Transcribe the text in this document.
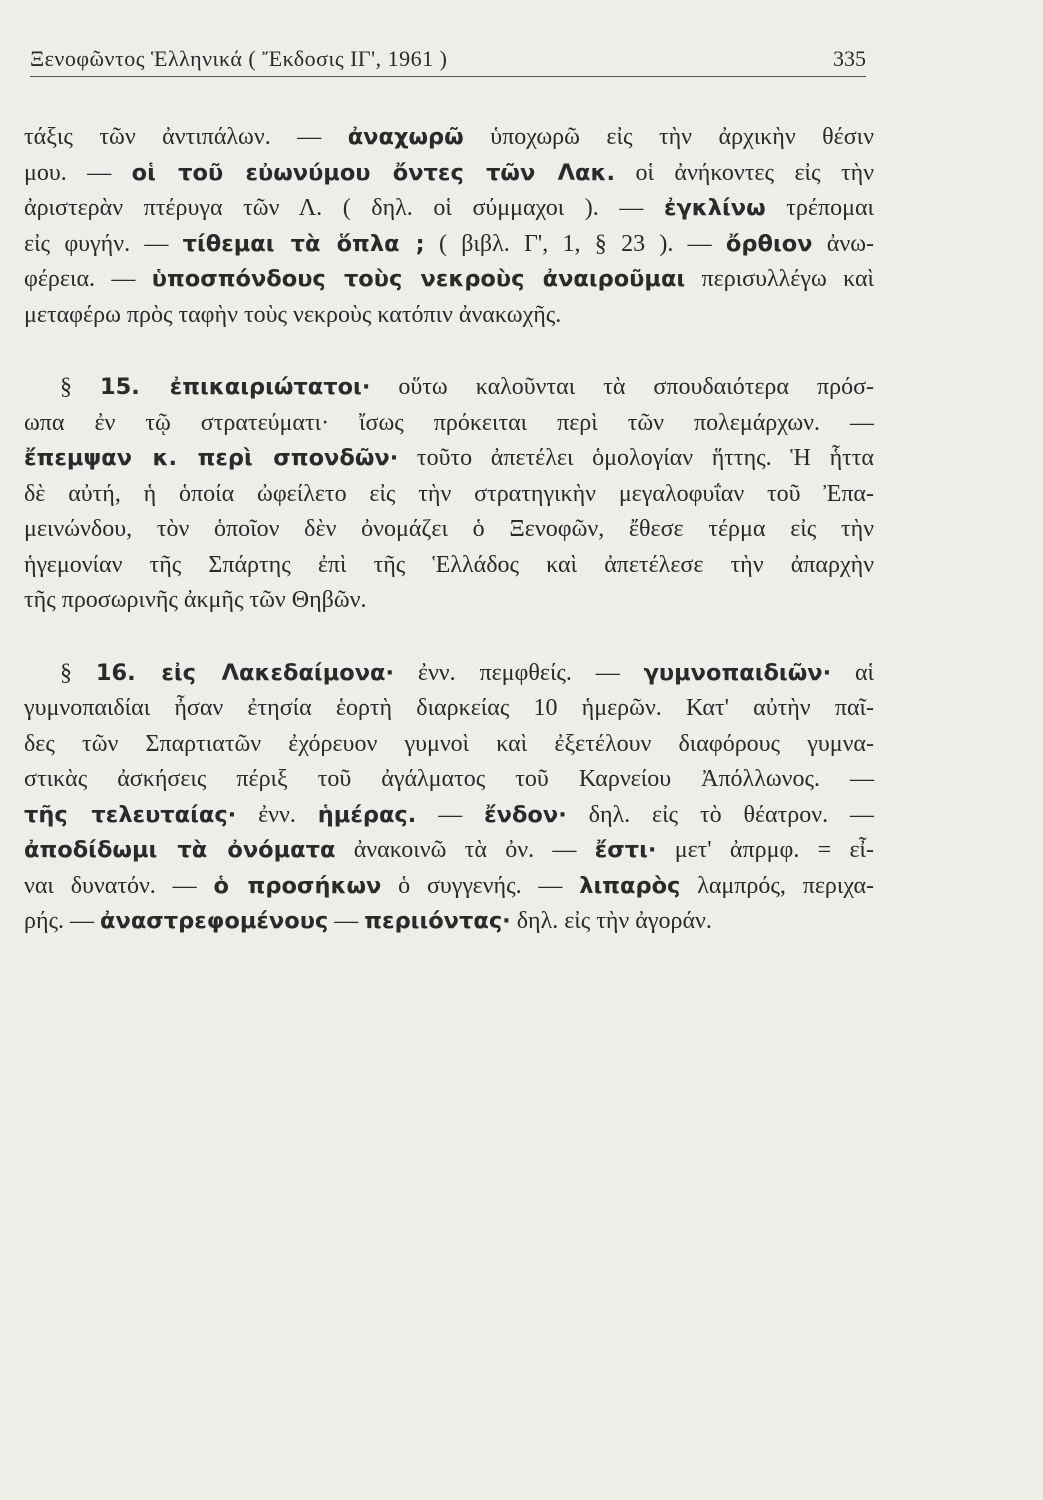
Ξενοφῶντος Ἑλληνικά ( Ἔκδοσις ΙΓ', 1961 )	335
τάξις τῶν ἀντιπάλων. — ἀναχωρῶ ὑποχωρῶ εἰς τὴν ἀρχικὴν θέσιν
μου. — οἱ τοῦ εὐωνύμου ὄντες τῶν Λακ. οἱ ἀνήκοντες εἰς τὴν
ἀριστερὰν πτέρυγα τῶν Λ. ( δηλ. οἱ σύμμαχοι ). — ἐγκλίνω τρέπομαι
εἰς φυγήν. — τίθεμαι τὰ ὅπλα ; ( βιβλ. Γ', 1, § 23 ). — ὄρθιον ἀνω-
φέρεια. — ὑποσπόνδους τοὺς νεκροὺς ἀναιροῦμαι περισυλλέγω καὶ
μεταφέρω πρὸς ταφὴν τοὺς νεκροὺς κατόπιν ἀνακωχῆς.
§ 15. ἐπικαιριώτατοι· οὕτω καλοῦνται τὰ σπουδαιότερα πρόσ-
ωπα ἐν τῷ στρατεύματι· ἴσως πρόκειται περὶ τῶν πολεμάρχων. —
ἔπεμψαν κ. περὶ σπονδῶν· τοῦτο ἀπετέλει ὁμολογίαν ἥττης. Ἡ ἧττα
δὲ αὐτή, ἡ ὁποία ὠφείλετο εἰς τὴν στρατηγικὴν μεγαλοφυΐαν τοῦ Ἐπα-
μεινώνδου, τὸν ὁποῖον δὲν ὀνομάζει ὁ Ξενοφῶν, ἔθεσε τέρμα εἰς τὴν
ἡγεμονίαν τῆς Σπάρτης ἐπὶ τῆς Ἑλλάδος καὶ ἀπετέλεσε τὴν ἀπαρχὴν
τῆς προσωρινῆς ἀκμῆς τῶν Θηβῶν.
§ 16. εἰς Λακεδαίμονα· ἐνν. πεμφθείς. — γυμνοπαιδιῶν· αἱ
γυμνοπαιδίαι ἦσαν ἐτησία ἑορτὴ διαρκείας 10 ἡμερῶν. Κατ' αὐτὴν παῖ-
δες τῶν Σπαρτιατῶν ἐχόρευον γυμνοὶ καὶ ἐξετέλουν διαφόρους γυμνα-
στικὰς ἀσκήσεις πέριξ τοῦ ἀγάλματος τοῦ Καρνείου Ἀπόλλωνος. —
τῆς τελευταίας· ἐνν. ἡμέρας. — ἔνδον· δηλ. εἰς τὸ θέατρον. —
ἀποδίδωμι τὰ ὀνόματα ἀνακοινῶ τὰ ὀν. — ἔστι· μετ' ἀπρμφ. = εἶ-
ναι δυνατόν. — ὁ προσήκων ὁ συγγενής. — λιπαρὸς λαμπρός, περιχα-
ρής. — ἀναστρεφομένους — περιιόντας· δηλ. εἰς τὴν ἀγοράν.
